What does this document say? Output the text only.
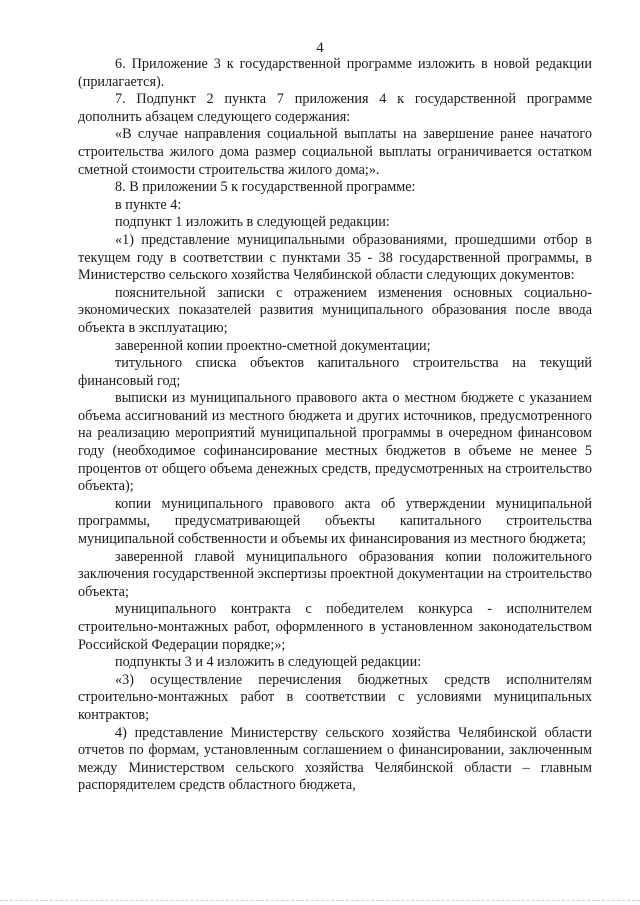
4

6. Приложение 3 к государственной программе изложить в новой редакции (прилагается).

7. Подпункт 2 пункта 7 приложения 4 к государственной программе дополнить абзацем следующего содержания:

«В случае направления социальной выплаты на завершение ранее начатого строительства жилого дома размер социальной выплаты ограничивается остатком сметной стоимости строительства жилого дома;».

8. В приложении 5 к государственной программе:

в пункте 4:

подпункт 1 изложить в следующей редакции:

«1) представление муниципальными образованиями, прошедшими отбор в текущем году в соответствии с пунктами 35 - 38 государственной программы, в Министерство сельского хозяйства Челябинской области следующих документов:

пояснительной записки с отражением изменения основных социально-экономических показателей развития муниципального образования после ввода объекта в эксплуатацию;

заверенной копии проектно-сметной документации;

титульного списка объектов капитального строительства на текущий финансовый год;

выписки из муниципального правового акта о местном бюджете с указанием объема ассигнований из местного бюджета и других источников, предусмотренного на реализацию мероприятий муниципальной программы в очередном финансовом году (необходимое софинансирование местных бюджетов в объеме не менее 5 процентов от общего объема денежных средств, предусмотренных на строительство объекта);

копии муниципального правового акта об утверждении муниципальной программы, предусматривающей объекты капитального строительства муниципальной собственности и объемы их финансирования из местного бюджета;

заверенной главой муниципального образования копии положительного заключения государственной экспертизы проектной документации на строительство объекта;

муниципального контракта с победителем конкурса - исполнителем строительно-монтажных работ, оформленного в установленном законодательством Российской Федерации порядке;»;

подпункты 3 и 4 изложить в следующей редакции:

«3) осуществление перечисления бюджетных средств исполнителям строительно-монтажных работ в соответствии с условиями муниципальных контрактов;

4) представление Министерству сельского хозяйства Челябинской области отчетов по формам, установленным соглашением о финансировании, заключенным между Министерством сельского хозяйства Челябинской области – главным распорядителем средств областного бюджета,
